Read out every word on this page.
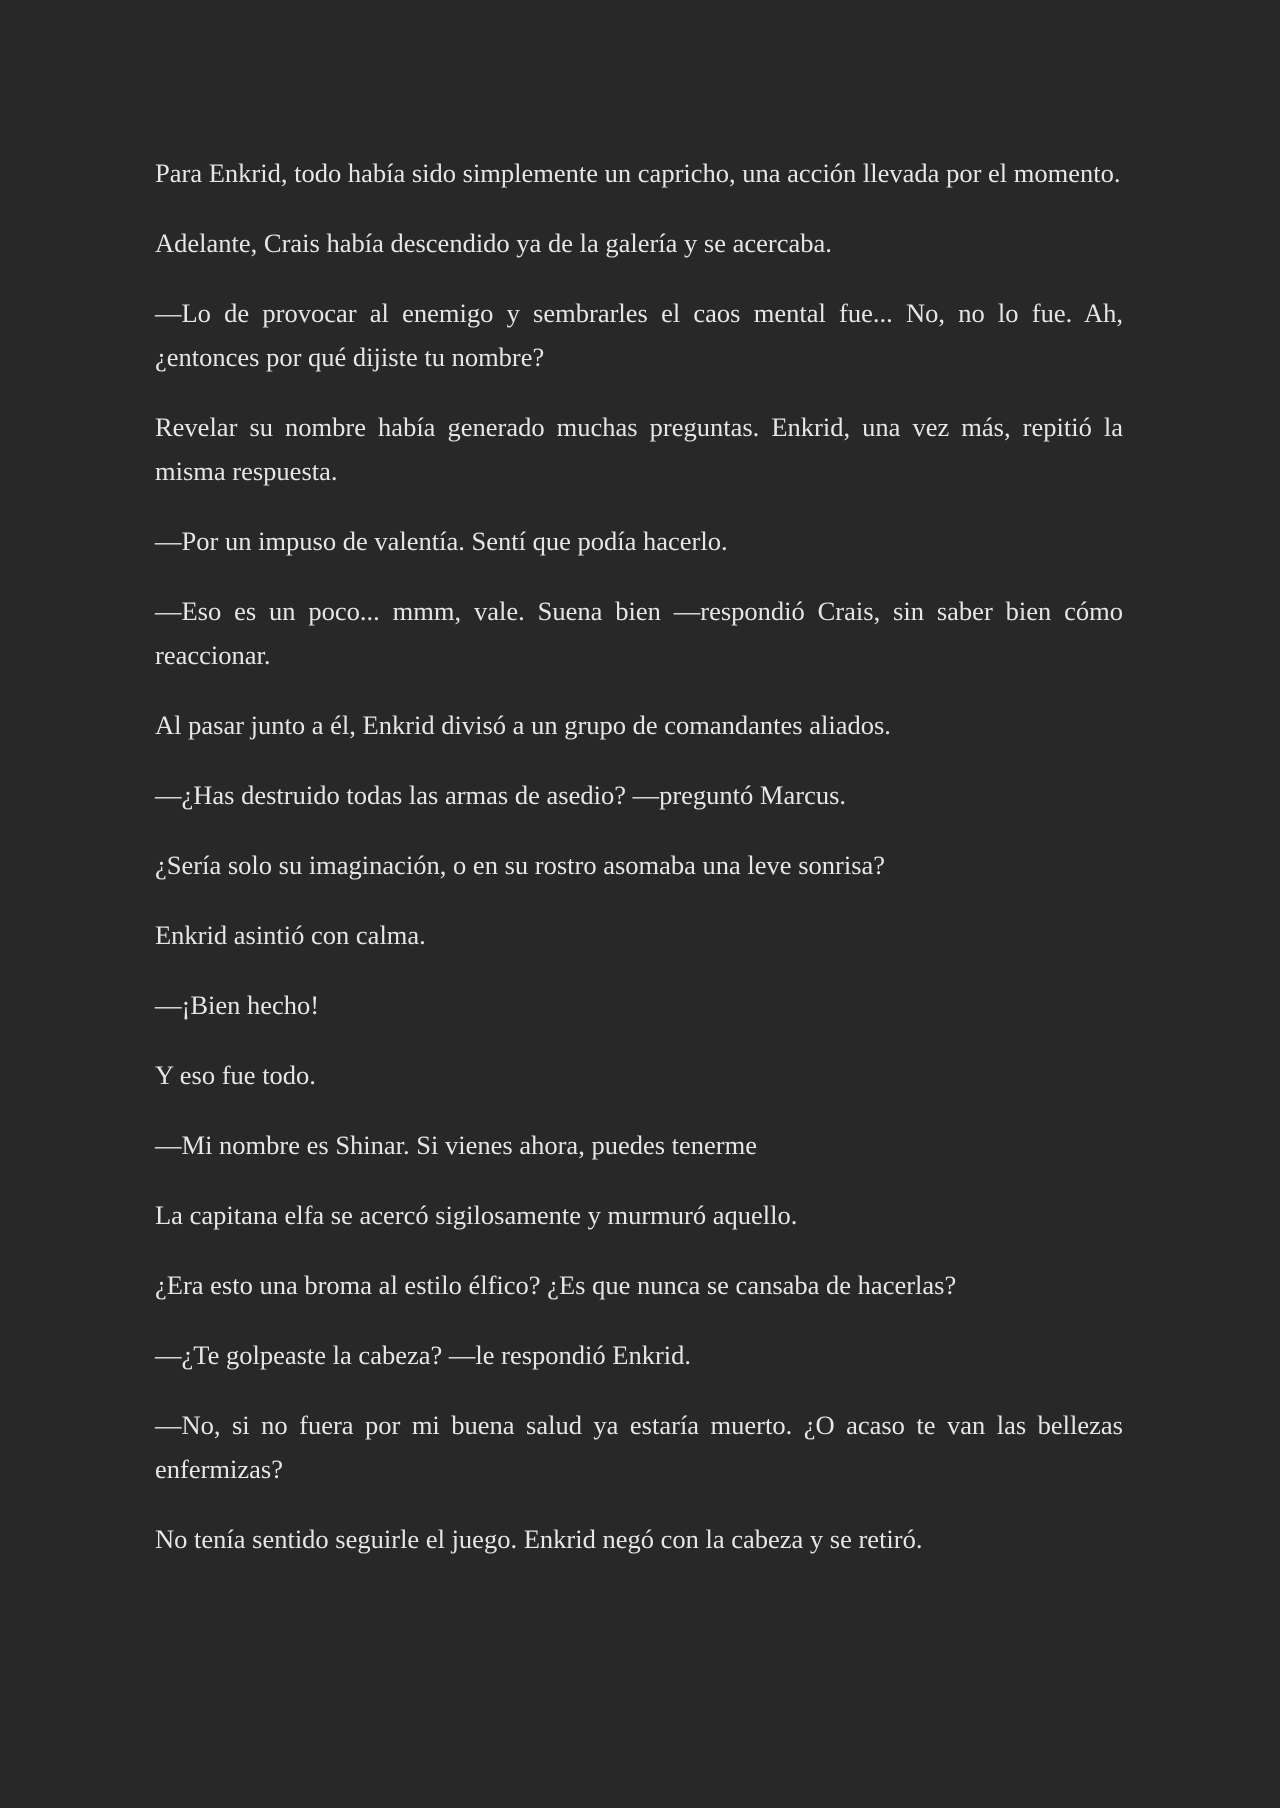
Para Enkrid, todo había sido simplemente un capricho, una acción llevada por el momento.

Adelante, Crais había descendido ya de la galería y se acercaba.

—Lo de provocar al enemigo y sembrarles el caos mental fue... No, no lo fue. Ah, ¿entonces por qué dijiste tu nombre?

Revelar su nombre había generado muchas preguntas. Enkrid, una vez más, repitió la misma respuesta.

—Por un impuso de valentía. Sentí que podía hacerlo.

—Eso es un poco... mmm, vale. Suena bien —respondió Crais, sin saber bien cómo reaccionar.

Al pasar junto a él, Enkrid divisó a un grupo de comandantes aliados.

—¿Has destruido todas las armas de asedio? —preguntó Marcus.

¿Sería solo su imaginación, o en su rostro asomaba una leve sonrisa?

Enkrid asintió con calma.

—¡Bien hecho!

Y eso fue todo.

—Mi nombre es Shinar. Si vienes ahora, puedes tenerme

La capitana elfa se acercó sigilosamente y murmuró aquello.

¿Era esto una broma al estilo élfico? ¿Es que nunca se cansaba de hacerlas?

—¿Te golpeaste la cabeza? —le respondió Enkrid.

—No, si no fuera por mi buena salud ya estaría muerto. ¿O acaso te van las bellezas enfermizas?

No tenía sentido seguirle el juego. Enkrid negó con la cabeza y se retiró.
